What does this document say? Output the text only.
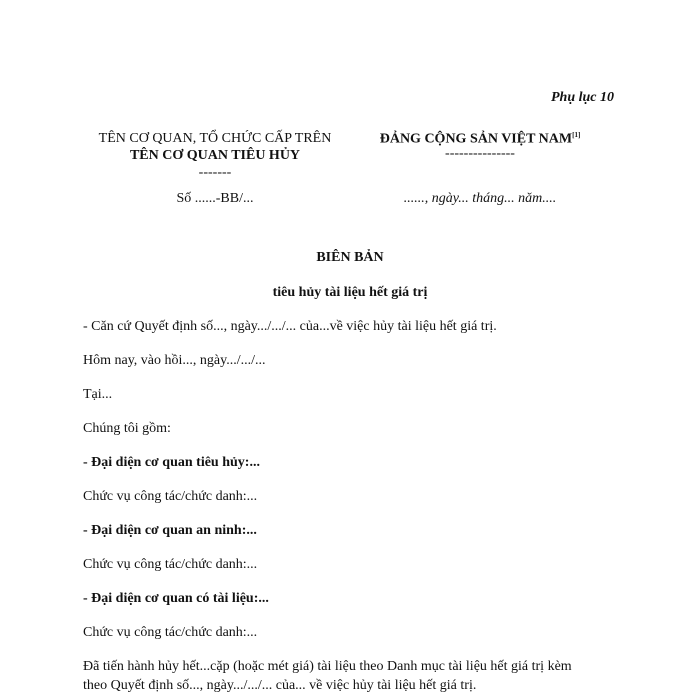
Phụ lục 10
TÊN CƠ QUAN, TỔ CHỨC CẤP TRÊN
TÊN CƠ QUAN TIÊU HỦY
-------
Số ......-BB/...
ĐẢNG CỘNG SẢN VIỆT NAM[1]
---------------
......, ngày... tháng... năm....
BIÊN BẢN
tiêu hủy tài liệu hết giá trị
- Căn cứ Quyết định số..., ngày.../.../... của...về việc hủy tài liệu hết giá trị.
Hôm nay, vào hồi..., ngày.../.../...
Tại...
Chúng tôi gồm:
- Đại diện cơ quan tiêu hủy:...
Chức vụ công tác/chức danh:...
- Đại diện cơ quan an ninh:...
Chức vụ công tác/chức danh:...
- Đại diện cơ quan có tài liệu:...
Chức vụ công tác/chức danh:...
Đã tiến hành hủy hết...cặp (hoặc mét giá) tài liệu theo Danh mục tài liệu hết giá trị kèm
theo Quyết định số..., ngày.../.../... của... về việc hủy tài liệu hết giá trị.
